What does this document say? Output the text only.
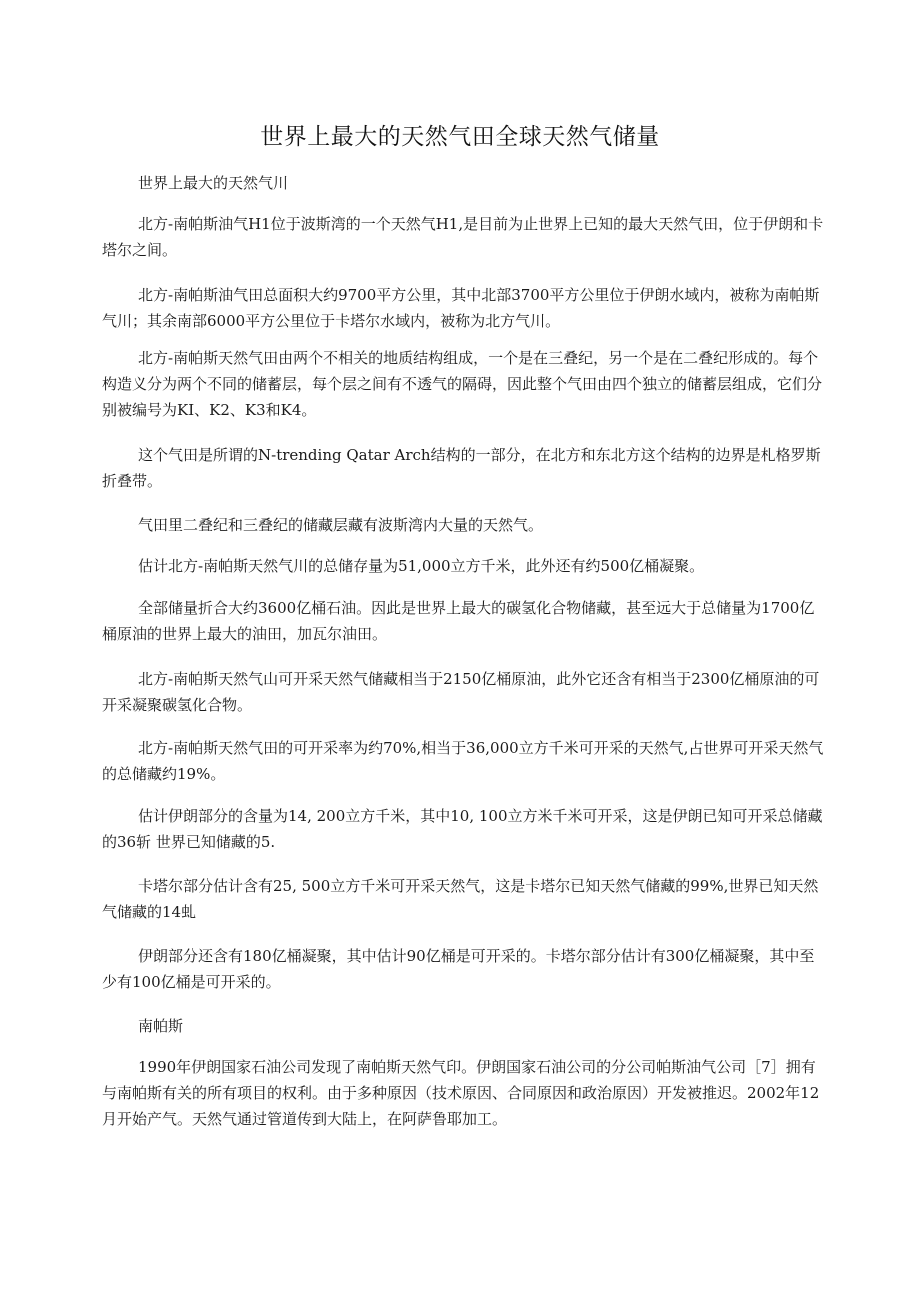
世界上最大的天然气田全球天然气储量
世界上最大的天然气川

北方-南帕斯油气H1位于波斯湾的一个天然气H1,是目前为止世界上已知的最大天然气田，位于伊朗和卡塔尔之间。

北方-南帕斯油气田总面积大约9700平方公里，其中北部3700平方公里位于伊朗水域内，被称为南帕斯气川；其余南部6000平方公里位于卡塔尔水域内，被称为北方气川。

北方-南帕斯天然气田由两个不相关的地质结构组成，一个是在三叠纪，另一个是在二叠纪形成的。每个构造义分为两个不同的储蓄层，每个层之间有不透气的隔碍，因此整个气田由四个独立的储蓄层组成，它们分别被编号为KI、K2、K3和K4。

这个气田是所谓的N-trending Qatar Arch结构的一部分，在北方和东北方这个结构的边界是札格罗斯折叠带。

气田里二叠纪和三叠纪的储藏层藏有波斯湾内大量的天然气。

估计北方-南帕斯天然气川的总储存量为51,000立方千米，此外还有约500亿桶凝聚。

全部储量折合大约3600亿桶石油。因此是世界上最大的碳氢化合物储藏，甚至远大于总储量为1700亿桶原油的世界上最大的油田，加瓦尔油田。

北方-南帕斯天然气山可开采天然气储藏相当于2150亿桶原油，此外它还含有相当于2300亿桶原油的可开采凝聚碳氢化合物。

北方-南帕斯天然气田的可开采率为约70%,相当于36,000立方千米可开采的天然气,占世界可开采天然气的总储藏约19%。

估计伊朗部分的含量为14, 200立方千米，其中10, 100立方米千米可开采，这是伊朗已知可开采总储藏的36斩 世界已知储藏的5.

卡塔尔部分估计含有25, 500立方千米可开采天然气，这是卡塔尔已知天然气储藏的99%,世界已知天然气储藏的14虬

伊朗部分还含有180亿桶凝聚，其中估计90亿桶是可开采的。卡塔尔部分估计有300亿桶凝聚，其中至少有100亿桶是可开采的。

南帕斯

1990年伊朗国家石油公司发现了南帕斯天然气印。伊朗国家石油公司的分公司帕斯油气公司［7］拥有与南帕斯有关的所有项目的权利。由于多种原因（技术原因、合同原因和政治原因）开发被推迟。2002年12月开始产气。天然气通过管道传到大陆上，在阿萨鲁耶加工。
